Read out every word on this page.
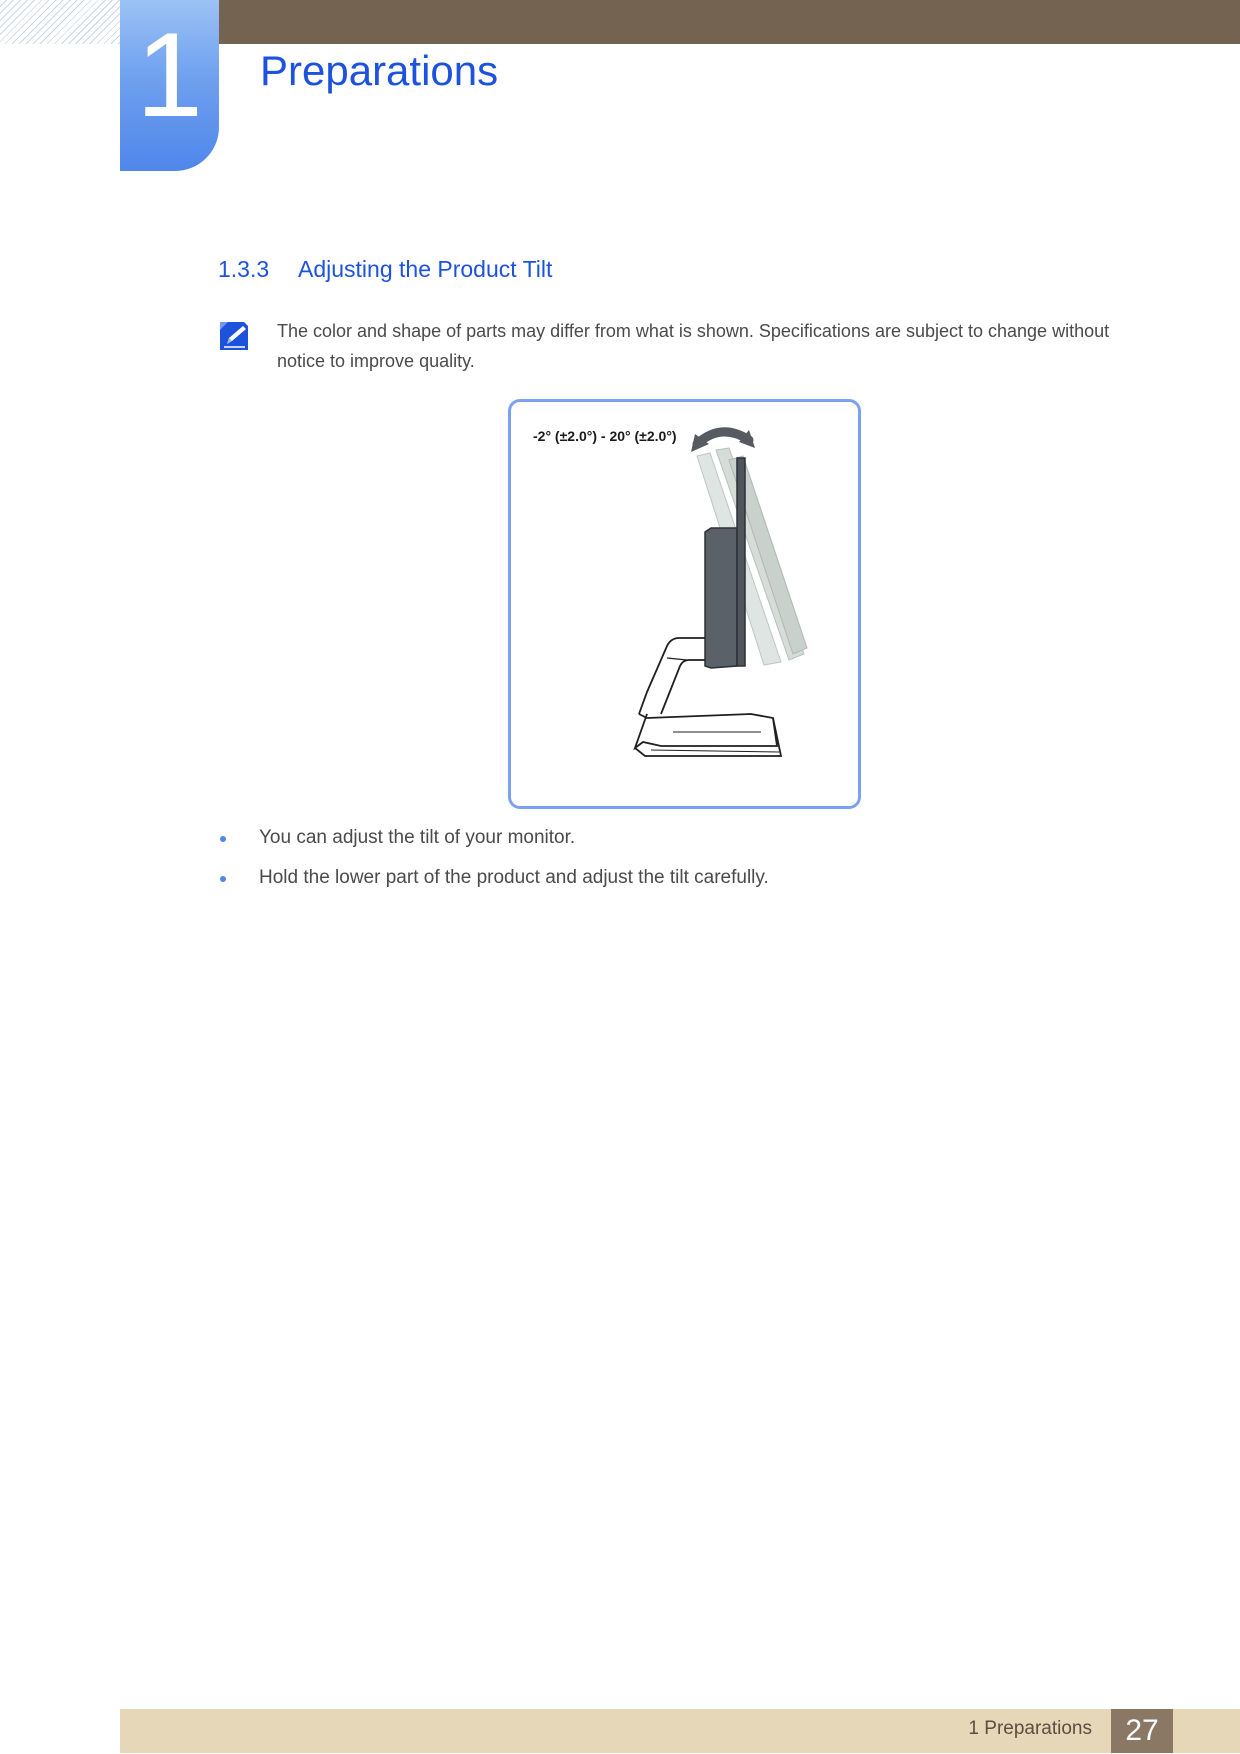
1	Preparations
1.3.3 Adjusting the Product Tilt
The color and shape of parts may differ from what is shown. Specifications are subject to change without notice to improve quality.
-2° (±2.0°) - 20° (±2.0°)
You can adjust the tilt of your monitor.
Hold the lower part of the product and adjust the tilt carefully.
1 Preparations	27
